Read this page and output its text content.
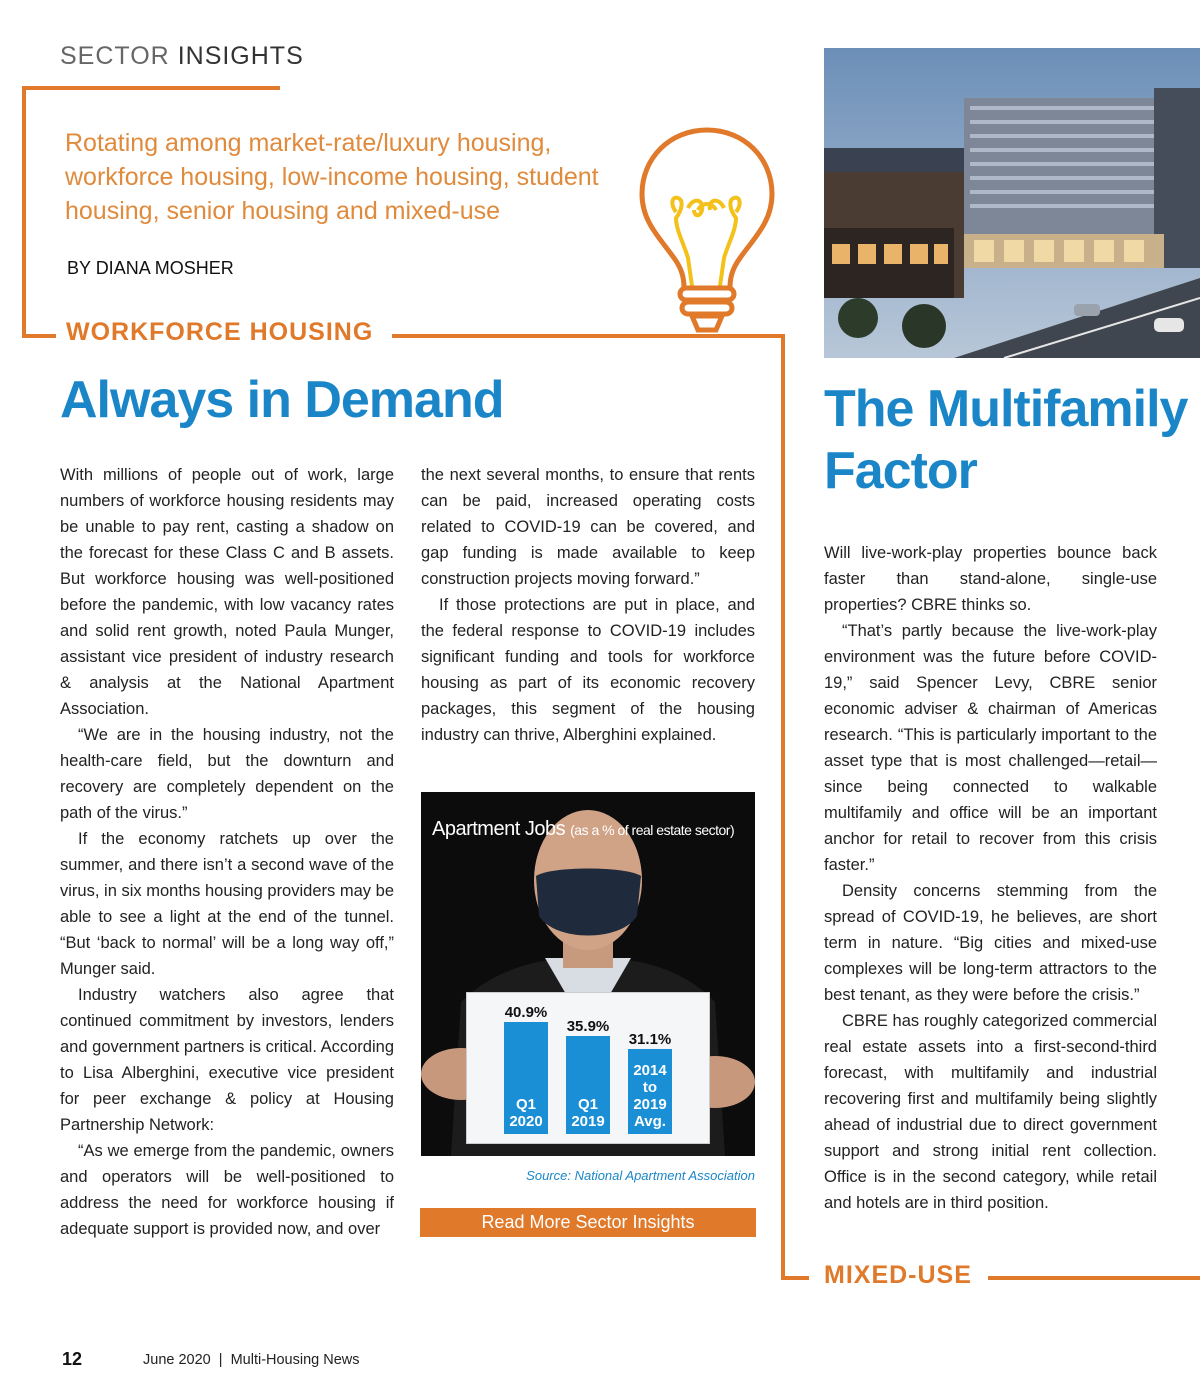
SECTOR INSIGHTS
Rotating among market-rate/luxury housing, workforce housing, low-income housing, student housing, senior housing and mixed-use
BY DIANA MOSHER
WORKFORCE HOUSING
Always in Demand

With millions of people out of work, large numbers of workforce housing residents may be unable to pay rent, casting a shadow on the forecast for these Class C and B assets. But workforce housing was well-positioned before the pandemic, with low vacancy rates and solid rent growth, noted Paula Munger, assistant vice president of industry research & analysis at the National Apartment Association.

“We are in the housing industry, not the health-care field, but the downturn and recovery are completely dependent on the path of the virus.”

If the economy ratchets up over the summer, and there isn’t a second wave of the virus, in six months housing providers may be able to see a light at the end of the tunnel. “But ‘back to normal’ will be a long way off,” Munger said.

Industry watchers also agree that continued commitment by investors, lenders and government partners is critical. According to Lisa Alberghini, executive vice president for peer exchange & policy at Housing Partnership Network:

“As we emerge from the pandemic, owners and operators will be well-positioned to address the need for workforce housing if adequate support is provided now, and over

the next several months, to ensure that rents can be paid, increased operating costs related to COVID-19 can be covered, and gap funding is made available to keep construction projects moving forward.”

If those protections are put in place, and the federal response to COVID-19 includes significant funding and tools for workforce housing as part of its economic recovery packages, this segment of the housing industry can thrive, Alberghini explained.

Apartment Jobs (as a % of real estate sector)
40.9%
Q1
2020
35.9%
Q1
2019
31.1%
2014
to
2019
Avg.
Source: National Apartment Association
Read More Sector Insights
The Multifamily
Factor

Will live-work-play properties bounce back faster than stand-alone, single-use properties? CBRE thinks so.

“That’s partly because the live-work-play environment was the future before COVID-19,” said Spencer Levy, CBRE senior economic adviser & chairman of Americas research. “This is particularly important to the asset type that is most challenged—retail—since being connected to walkable multifamily and office will be an important anchor for retail to recover from this crisis faster.”

Density concerns stemming from the spread of COVID-19, he believes, are short term in nature. “Big cities and mixed-use complexes will be long-term attractors to the best tenant, as they were before the crisis.”

CBRE has roughly categorized commercial real estate assets into a first-second-third forecast, with multifamily and industrial recovering first and multifamily being slightly ahead of industrial due to direct government support and strong initial rent collection. Office is in the second category, while retail and hotels are in third position.

MIXED-USE
12	June 2020 | Multi-Housing News
